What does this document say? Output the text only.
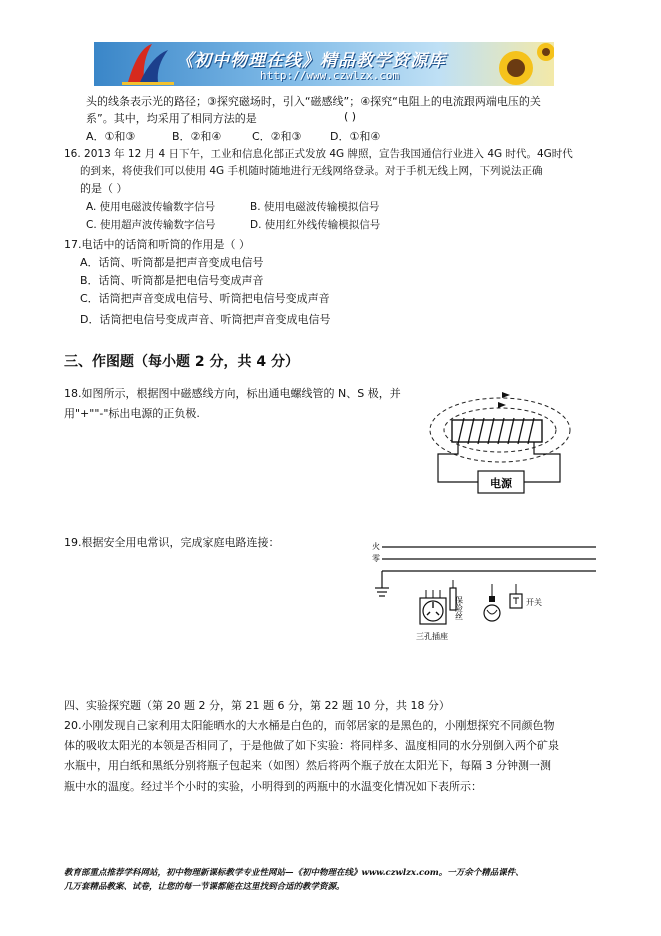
《初中物理在线》精品教学资源库
http://www.czwlzx.com
头的线条表示光的路径；③探究磁场时，引入“磁感线”；④探究“电阻上的电流跟两端电压的关
系”。其中，均采用了相同方法的是	( )
A．①和③	B．②和④	C．②和③	D．①和④
16. 2013 年 12 月 4 日下午，工业和信息化部正式发放 4G 牌照，宣告我国通信行业进入 4G 时代。4G时代
的到来，将使我们可以使用 4G 手机随时随地进行无线网络登录。对于手机无线上网，下列说法正确
的是（ ）
A. 使用电磁波传输数字信号	B. 使用电磁波传输模拟信号
C. 使用超声波传输数字信号	D. 使用红外线传输模拟信号
17.电话中的话筒和听筒的作用是（ ）
A．话筒、听筒都是把声音变成电信号
B．话筒、听筒都是把电信号变成声音
C．话筒把声音变成电信号、听筒把电信号变成声音
D．话筒把电信号变成声音、听筒把声音变成电信号
三、作图题（每小题 2 分，共 4 分）
18.如图所示，根据图中磁感线方向，标出通电螺线管的 N、S 极，并
用"+""-"标出电源的正负极.
电源
19.根据安全用电常识，完成家庭电路连接：	火
零
三孔插座
保险丝	开关
四、实验探究题（第 20 题 2 分，第 21 题 6 分，第 22 题 10 分，共 18 分）
20.小刚发现自己家利用太阳能晒水的大水桶是白色的，而邻居家的是黑色的，小刚想探究不同颜色物
体的吸收太阳光的本领是否相同了，于是他做了如下实验：将同样多、温度相同的水分别倒入两个矿泉
水瓶中，用白纸和黑纸分别将瓶子包起来（如图）然后将两个瓶子放在太阳光下，每隔 3 分钟测一测
瓶中水的温度。经过半个小时的实验，小明得到的两瓶中的水温变化情况如下表所示：
教育部重点推荐学科网站，初中物理新课标教学专业性网站—《初中物理在线》www.czwlzx.com。一万余个精品课件、
几万套精品教案、试卷，让您的每一节课都能在这里找到合适的教学资源。
